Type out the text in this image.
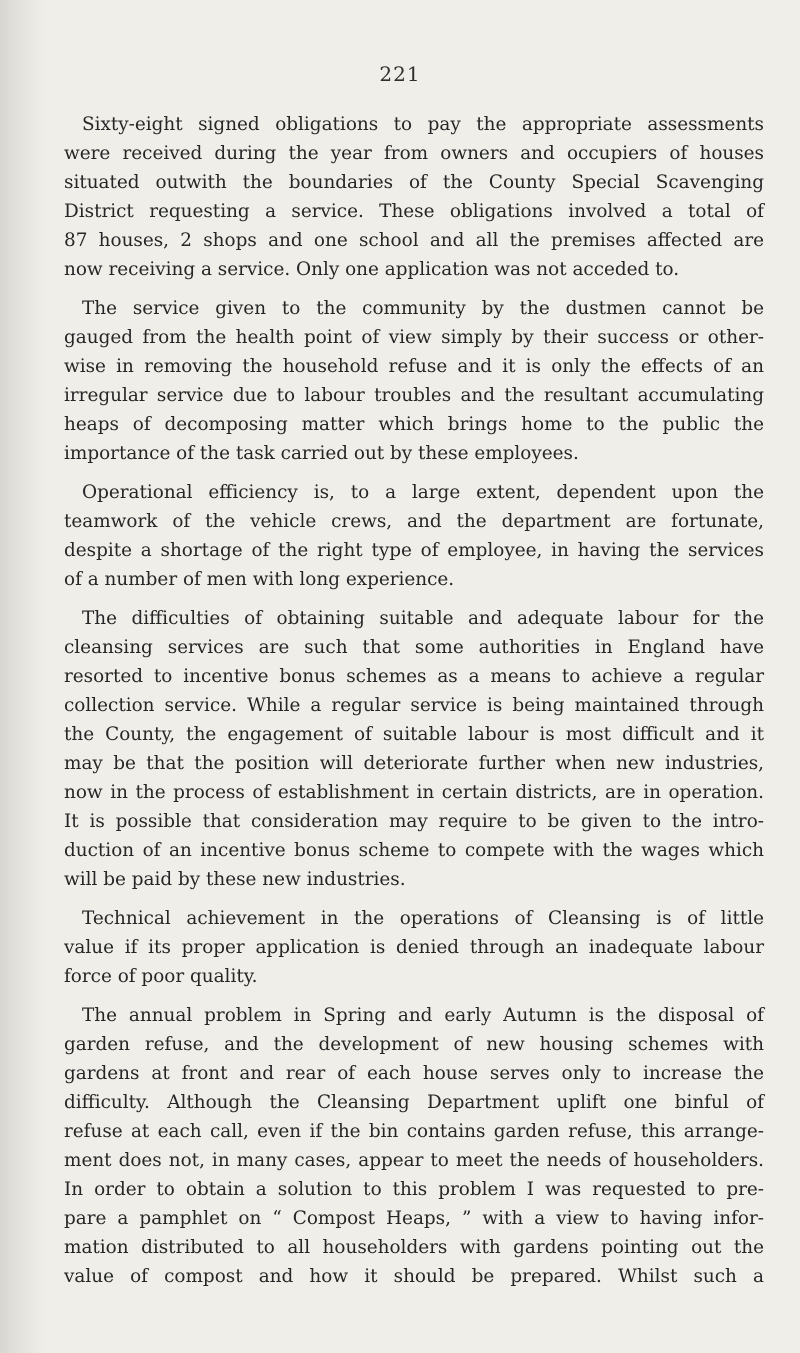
221

Sixty-eight signed obligations to pay the appropriate assessments
were received during the year from owners and occupiers of houses
situated outwith the boundaries of the County Special Scavenging
District requesting a service. These obligations involved a total of
87 houses, 2 shops and one school and all the premises affected are
now receiving a service. Only one application was not acceded to.

The service given to the community by the dustmen cannot be
gauged from the health point of view simply by their success or other-
wise in removing the household refuse and it is only the effects of an
irregular service due to labour troubles and the resultant accumulating
heaps of decomposing matter which brings home to the public the
importance of the task carried out by these employees.

Operational efficiency is, to a large extent, dependent upon the
teamwork of the vehicle crews, and the department are fortunate,
despite a shortage of the right type of employee, in having the services
of a number of men with long experience.

The difficulties of obtaining suitable and adequate labour for the
cleansing services are such that some authorities in England have
resorted to incentive bonus schemes as a means to achieve a regular
collection service. While a regular service is being maintained through
the County, the engagement of suitable labour is most difficult and it
may be that the position will deteriorate further when new industries,
now in the process of establishment in certain districts, are in operation.
It is possible that consideration may require to be given to the intro-
duction of an incentive bonus scheme to compete with the wages which
will be paid by these new industries.

Technical achievement in the operations of Cleansing is of little
value if its proper application is denied through an inadequate labour
force of poor quality.

The annual problem in Spring and early Autumn is the disposal of
garden refuse, and the development of new housing schemes with
gardens at front and rear of each house serves only to increase the
difficulty. Although the Cleansing Department uplift one binful of
refuse at each call, even if the bin contains garden refuse, this arrange-
ment does not, in many cases, appear to meet the needs of householders.
In order to obtain a solution to this problem I was requested to pre-
pare a pamphlet on “ Compost Heaps, ” with a view to having infor-
mation distributed to all householders with gardens pointing out the
value of compost and how it should be prepared. Whilst such a
